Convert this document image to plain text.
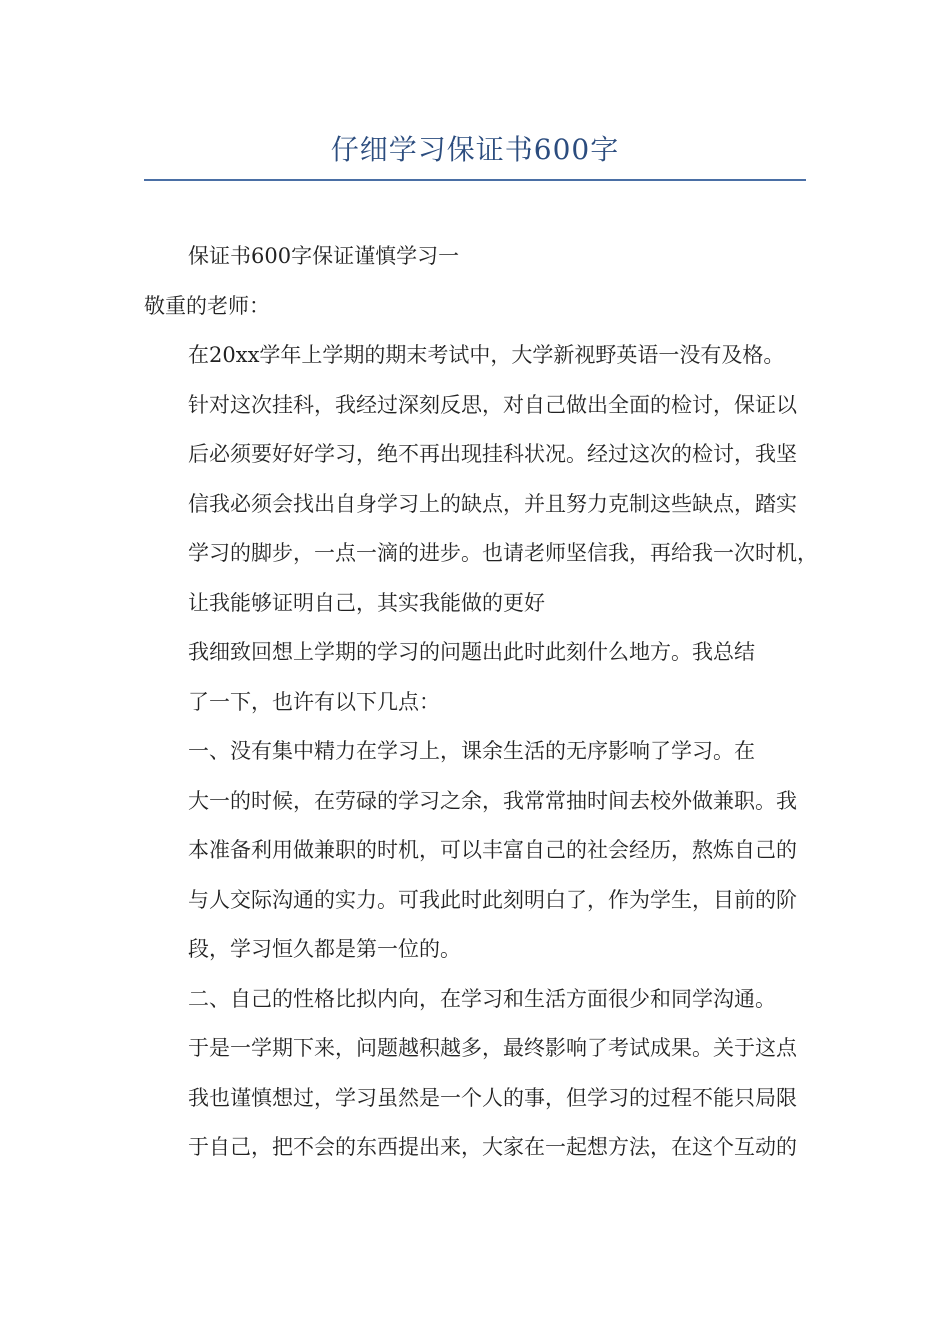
仔细学习保证书600字

保证书600字保证谨慎学习一

敬重的老师：

在20xx学年上学期的期末考试中，大学新视野英语一没有及格。
针对这次挂科，我经过深刻反思，对自己做出全面的检讨，保证以
后必须要好好学习，绝不再出现挂科状况。经过这次的检讨，我坚
信我必须会找出自身学习上的缺点，并且努力克制这些缺点，踏实
学习的脚步，一点一滴的进步。也请老师坚信我，再给我一次时机，
让我能够证明自己，其实我能做的更好

我细致回想上学期的学习的问题出此时此刻什么地方。我总结
了一下，也许有以下几点：

一、没有集中精力在学习上，课余生活的无序影响了学习。在
大一的时候，在劳碌的学习之余，我常常抽时间去校外做兼职。我
本准备利用做兼职的时机，可以丰富自己的社会经历，熬炼自己的
与人交际沟通的实力。可我此时此刻明白了，作为学生，目前的阶
段，学习恒久都是第一位的。

二、自己的性格比拟内向，在学习和生活方面很少和同学沟通。
于是一学期下来，问题越积越多，最终影响了考试成果。关于这点
我也谨慎想过，学习虽然是一个人的事，但学习的过程不能只局限
于自己，把不会的东西提出来，大家在一起想方法，在这个互动的
